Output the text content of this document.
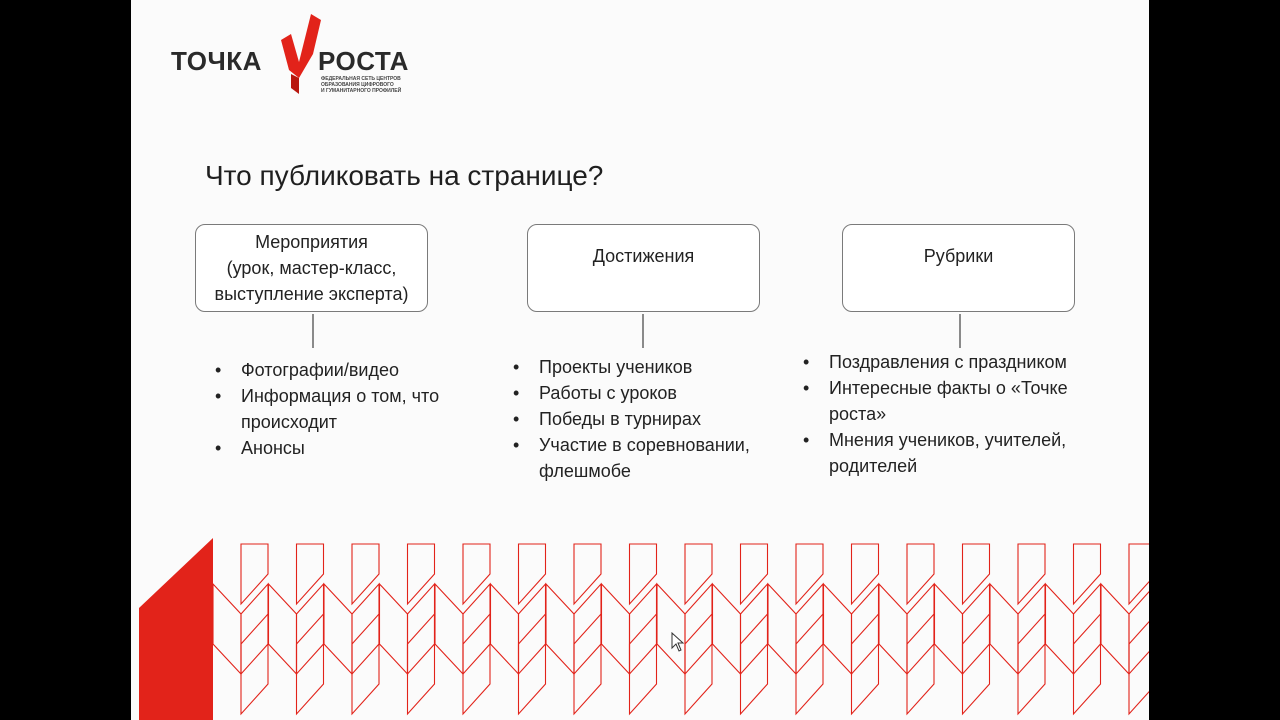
ТОЧКА РОСТА
ФЕДЕРАЛЬНАЯ СЕТЬ ЦЕНТРОВ
ОБРАЗОВАНИЯ ЦИФРОВОГО
И ГУМАНИТАРНОГО ПРОФИЛЕЙ
Что публиковать на странице?
Мероприятия
(урок, мастер-класс,
выступление эксперта)
Достижения	Рубрики
• Фотографии/видео
• Информация о том, что происходит
• Анонсы
• Проекты учеников
• Работы с уроков
• Победы в турнирах
• Участие в соревновании, флешмобе
• Поздравления с праздником
• Интересные факты о «Точке роста»
• Мнения учеников, учителей, родителей
